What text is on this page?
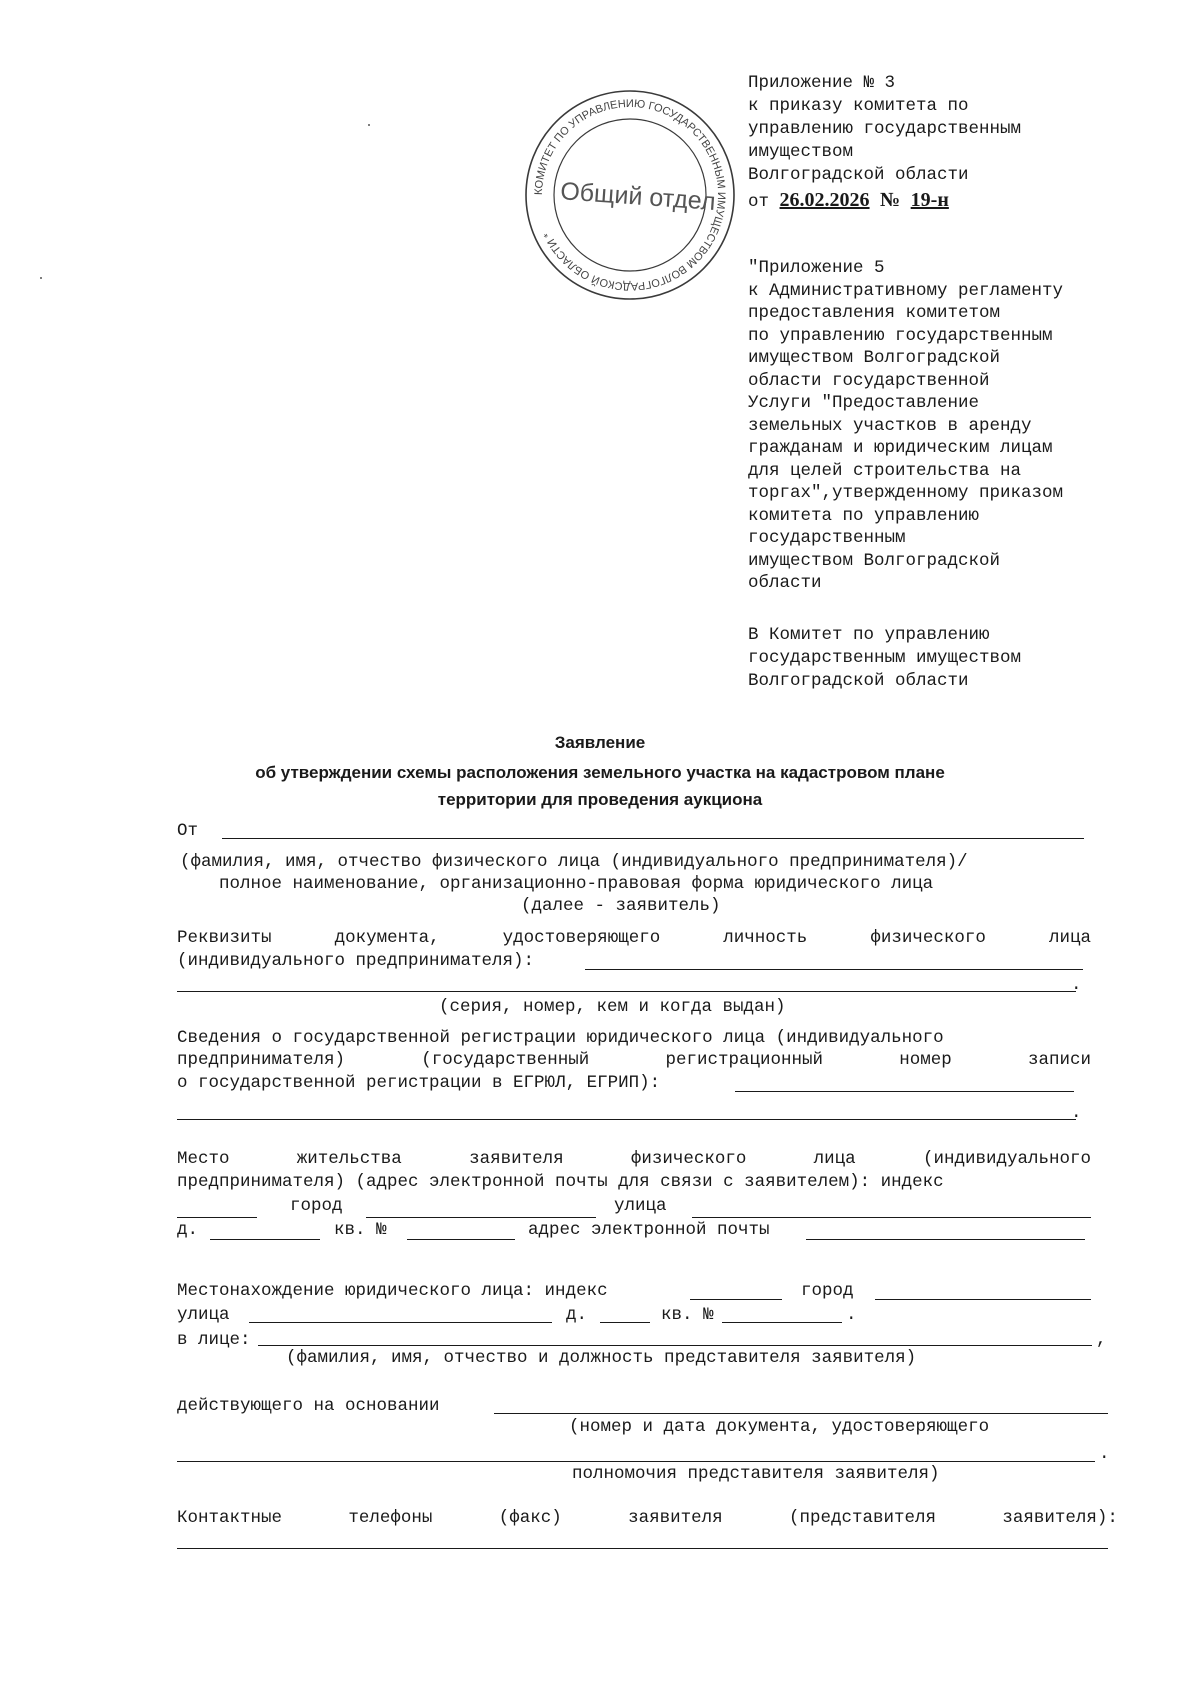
КОМИТЕТ ПО УПРАВЛЕНИЮ ГОСУДАРСТВЕННЫМ ИМУЩЕСТВОМ ВОЛГОГРАДСКОЙ ОБЛАСТИ *
Общий отдел
Приложение № 3
к приказу комитета по
управлению государственным
имуществом
Волгоградской области
от 26.02.2026 № 19-н
"Приложение 5
к Административному регламенту
предоставления комитетом
по управлению государственным
имуществом Волгоградской
области государственной
Услуги "Предоставление
земельных участков в аренду
гражданам и юридическим лицам
для целей строительства на
торгах",утвержденному приказом
комитета по управлению
государственным
имуществом Волгоградской
области
В Комитет по управлению
государственным имуществом
Волгоградской области
Заявление
об утверждении схемы расположения земельного участка на кадастровом плане
территории для проведения аукциона
От
(фамилия, имя, отчество физического лица (индивидуального предпринимателя)/
полное наименование, организационно-правовая форма юридического лица
(далее - заявитель)
Реквизиты	документа,	удостоверяющего	личность	физического	лица
(индивидуального предпринимателя):
.
(серия, номер, кем и когда выдан)
Сведения о государственной регистрации юридического лица (индивидуального
предпринимателя)	(государственный	регистрационный	номер	записи
о государственной регистрации в ЕГРЮЛ, ЕГРИП):
.
Место	жительства	заявителя	физического	лица	(индивидуального
предпринимателя) (адрес электронной почты для связи с заявителем): индекс
город	улица
д.	кв. №	адрес электронной почты
Местонахождение юридического лица: индекс	город
улица	д.	кв. №	.
в лице:	,
(фамилия, имя, отчество и должность представителя заявителя)
действующего на основании
(номер и дата документа, удостоверяющего
.
полномочия представителя заявителя)
Контактные	телефоны	(факс)	заявителя	(представителя	заявителя):
